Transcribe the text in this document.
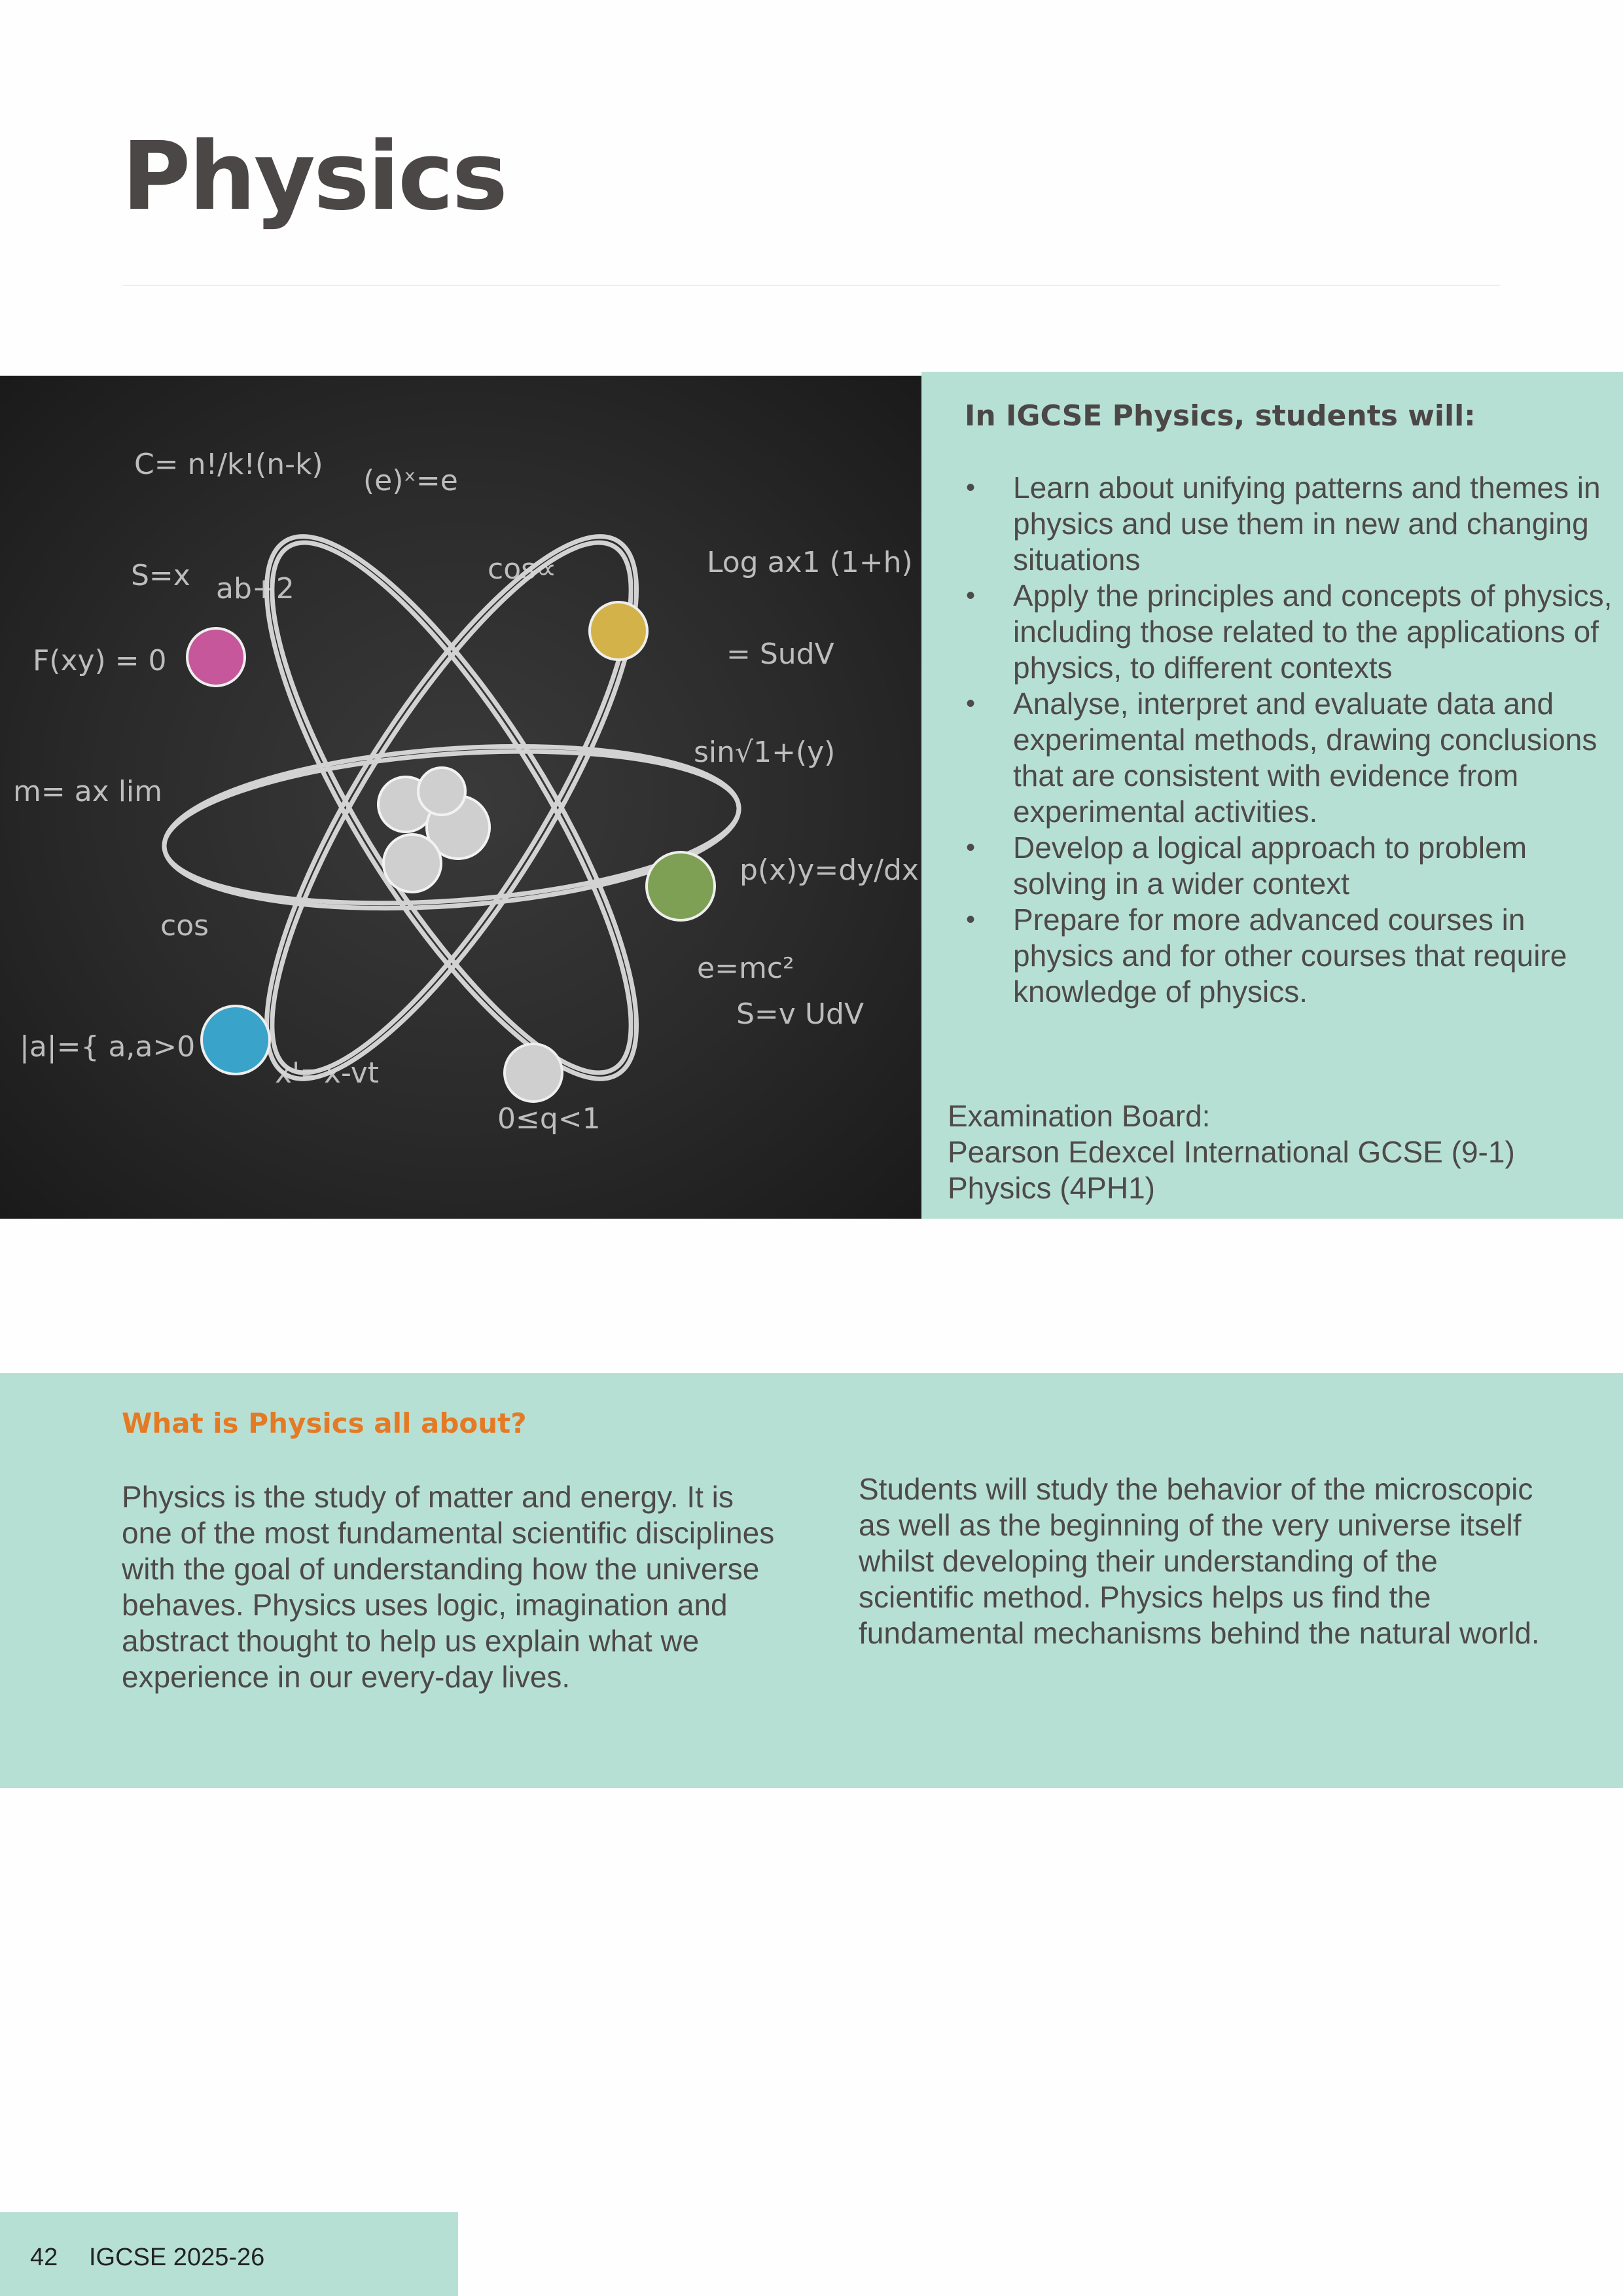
Physics
C= n!/k!(n-k) (e)ˣ=e
S=x ab+2
F(xy) = 0
cos∝	Log ax1 (1+h)
= SudV
sin√1+(y)
p(x)y=dy/dx
e=mc²
S=v UdV
m= ax lim
cos
|a|={ a,a>0
x'=x-vt
0≤q<1
In IGCSE Physics, students will:
• Learn about unifying patterns and themes in physics and use them in new and changing situations
• Apply the principles and concepts of physics, including those related to the applications of physics, to different contexts
• Analyse, interpret and evaluate data and experimental methods, drawing conclusions that are consistent with evidence from experimental activities.
• Develop a logical approach to problem solving in a wider context
• Prepare for more advanced courses in physics and for other courses that require knowledge of physics.
Examination Board:
Pearson Edexcel International GCSE (9-1)
Physics (4PH1)
What is Physics all about?

Physics is the study of matter and energy. It is one of the most fundamental scientific disciplines with the goal of understanding how the universe behaves. Physics uses logic, imagination and abstract thought to help us explain what we experience in our every-day lives.

Students will study the behavior of the microscopic as well as the beginning of the very universe itself whilst developing their understanding of the scientific method. Physics helps us find the fundamental mechanisms behind the natural world.

42 IGCSE 2025-26
